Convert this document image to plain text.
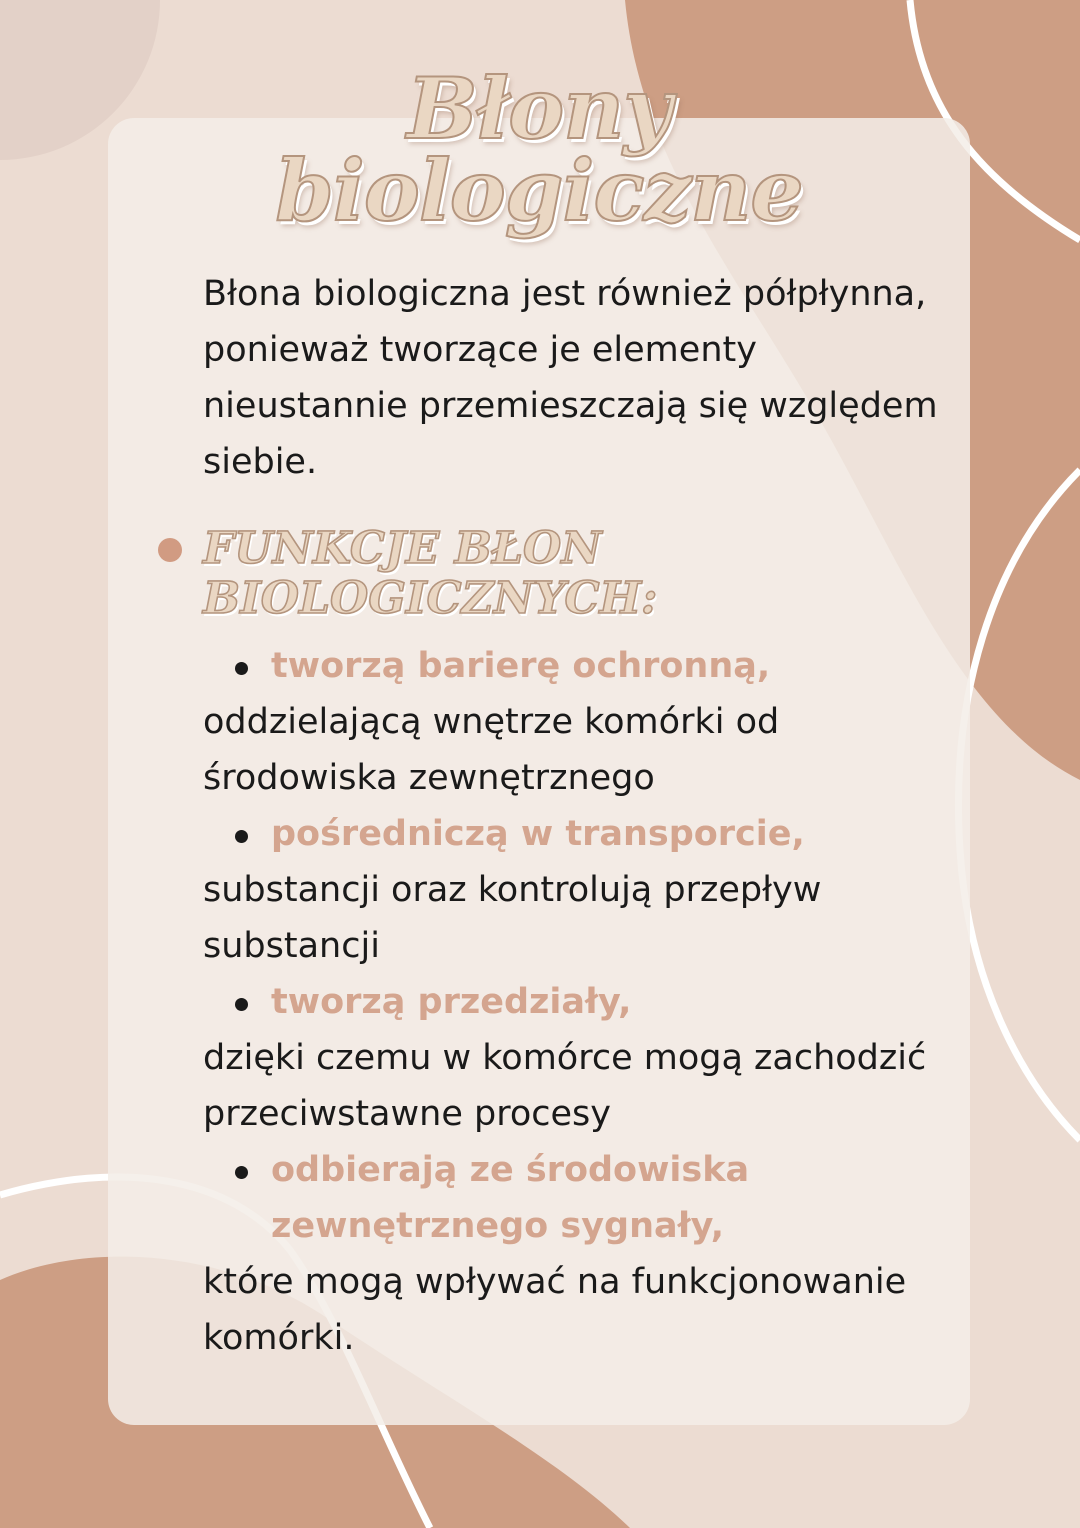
Błony
biologiczne
Błona biologiczna jest również półpłynna, ponieważ tworzące je elementy nieustannie przemieszczają się względem siebie.
FUNKCJE BŁON
BIOLOGICZNYCH:
tworzą barierę ochronną,
oddzielającą wnętrze komórki od środowiska zewnętrznego
pośredniczą w transporcie,
substancji oraz kontrolują przepływ substancji
tworzą przedziały,
dzięki czemu w komórce mogą zachodzić przeciwstawne procesy
odbierają ze środowiska zewnętrznego sygnały,
które mogą wpływać na funkcjonowanie komórki.
